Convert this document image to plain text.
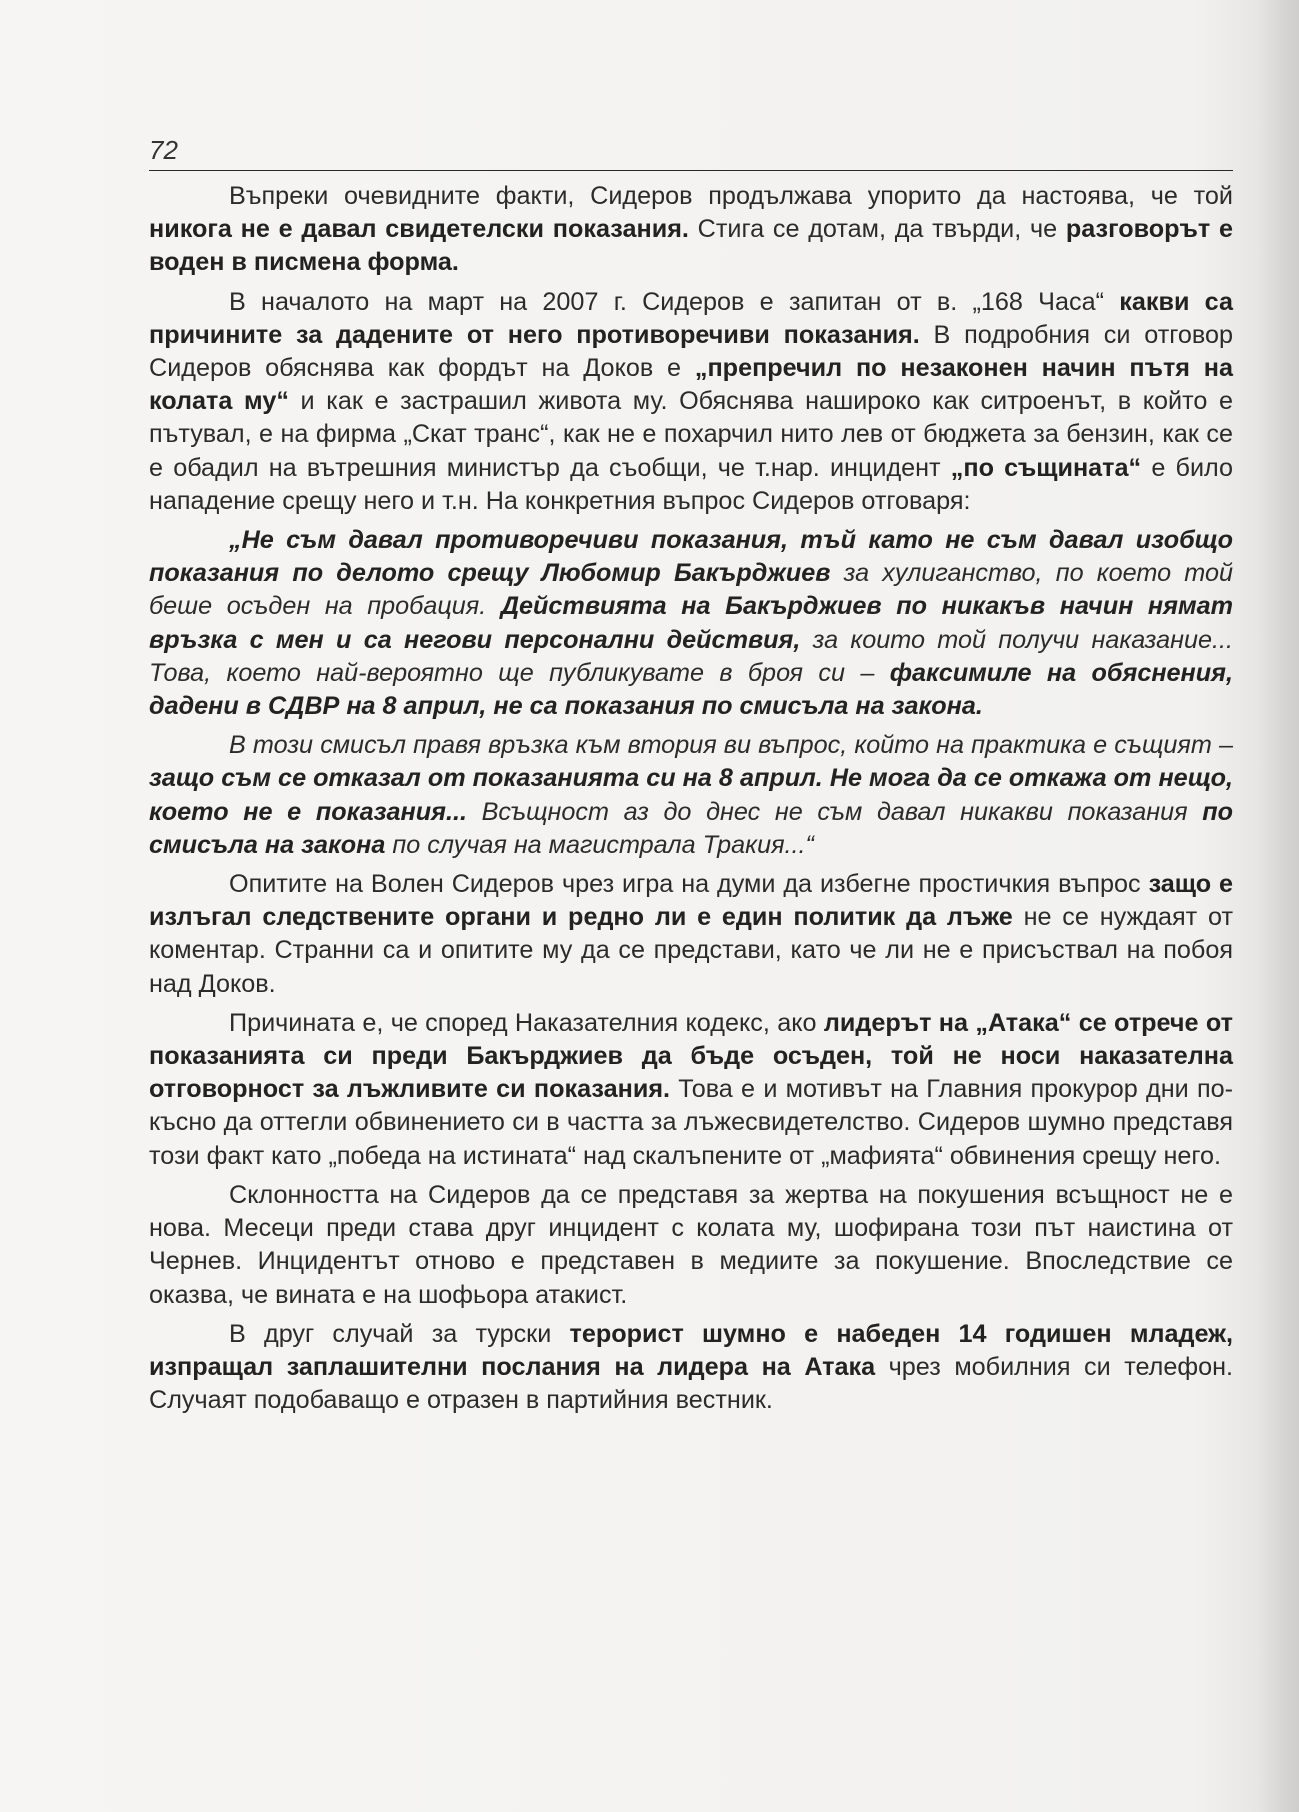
72

Въпреки очевидните факти, Сидеров продължава упорито да настоява, че той никога не е давал свидетелски показания. Стига се дотам, да твърди, че разговорът е воден в писмена форма.

В началото на март на 2007 г. Сидеров е запитан от в. „168 Часа“ какви са причините за дадените от него противоречиви показания. В подробния си отговор Сидеров обяснява как фордът на Доков е „препречил по незаконен начин пътя на колата му“ и как е застрашил живота му. Обяснява нашироко как ситроенът, в който е пътувал, е на фирма „Скат транс“, как не е похарчил нито лев от бюджета за бензин, как се е обадил на вътрешния министър да съобщи, че т.нар. инцидент „по същината“ е било нападение срещу него и т.н. На конкретния въпрос Сидеров отговаря:

„Не съм давал противоречиви показания, тъй като не съм давал изобщо показания по делото срещу Любомир Бакърджиев за хулиганство, по което той беше осъден на пробация. Действията на Бакърджиев по никакъв начин нямат връзка с мен и са негови персонални действия, за които той получи наказание... Това, което най-вероятно ще публикувате в броя си – факсимиле на обяснения, дадени в СДВР на 8 април, не са показания по смисъла на закона.

В този смисъл правя връзка към втория ви въпрос, който на практика е същият – защо съм се отказал от показанията си на 8 април. Не мога да се откажа от нещо, което не е показания... Всъщност аз до днес не съм давал никакви показания по смисъла на закона по случая на магистрала Тракия...“

Опитите на Волен Сидеров чрез игра на думи да избегне простичкия въпрос защо е излъгал следствените органи и редно ли е един политик да лъже не се нуждаят от коментар. Странни са и опитите му да се представи, като че ли не е присъствал на побоя над Доков.

Причината е, че според Наказателния кодекс, ако лидерът на „Атака“ се отрече от показанията си преди Бакърджиев да бъде осъден, той не носи наказателна отговорност за лъжливите си показания. Това е и мотивът на Главния прокурор дни по-късно да оттегли обвинението си в частта за лъжесвидетелство. Сидеров шумно представя този факт като „победа на истината“ над скалъпените от „мафията“ обвинения срещу него.

Склонността на Сидеров да се представя за жертва на покушения всъщност не е нова. Месеци преди става друг инцидент с колата му, шофирана този път наистина от Чернев. Инцидентът отново е представен в медиите за покушение. Впоследствие се оказва, че вината е на шофьора атакист.

В друг случай за турски терорист шумно е набеден 14 годишен младеж, изпращал заплашителни послания на лидера на Атака чрез мобилния си телефон. Случаят подобаващо е отразен в партийния вестник.
